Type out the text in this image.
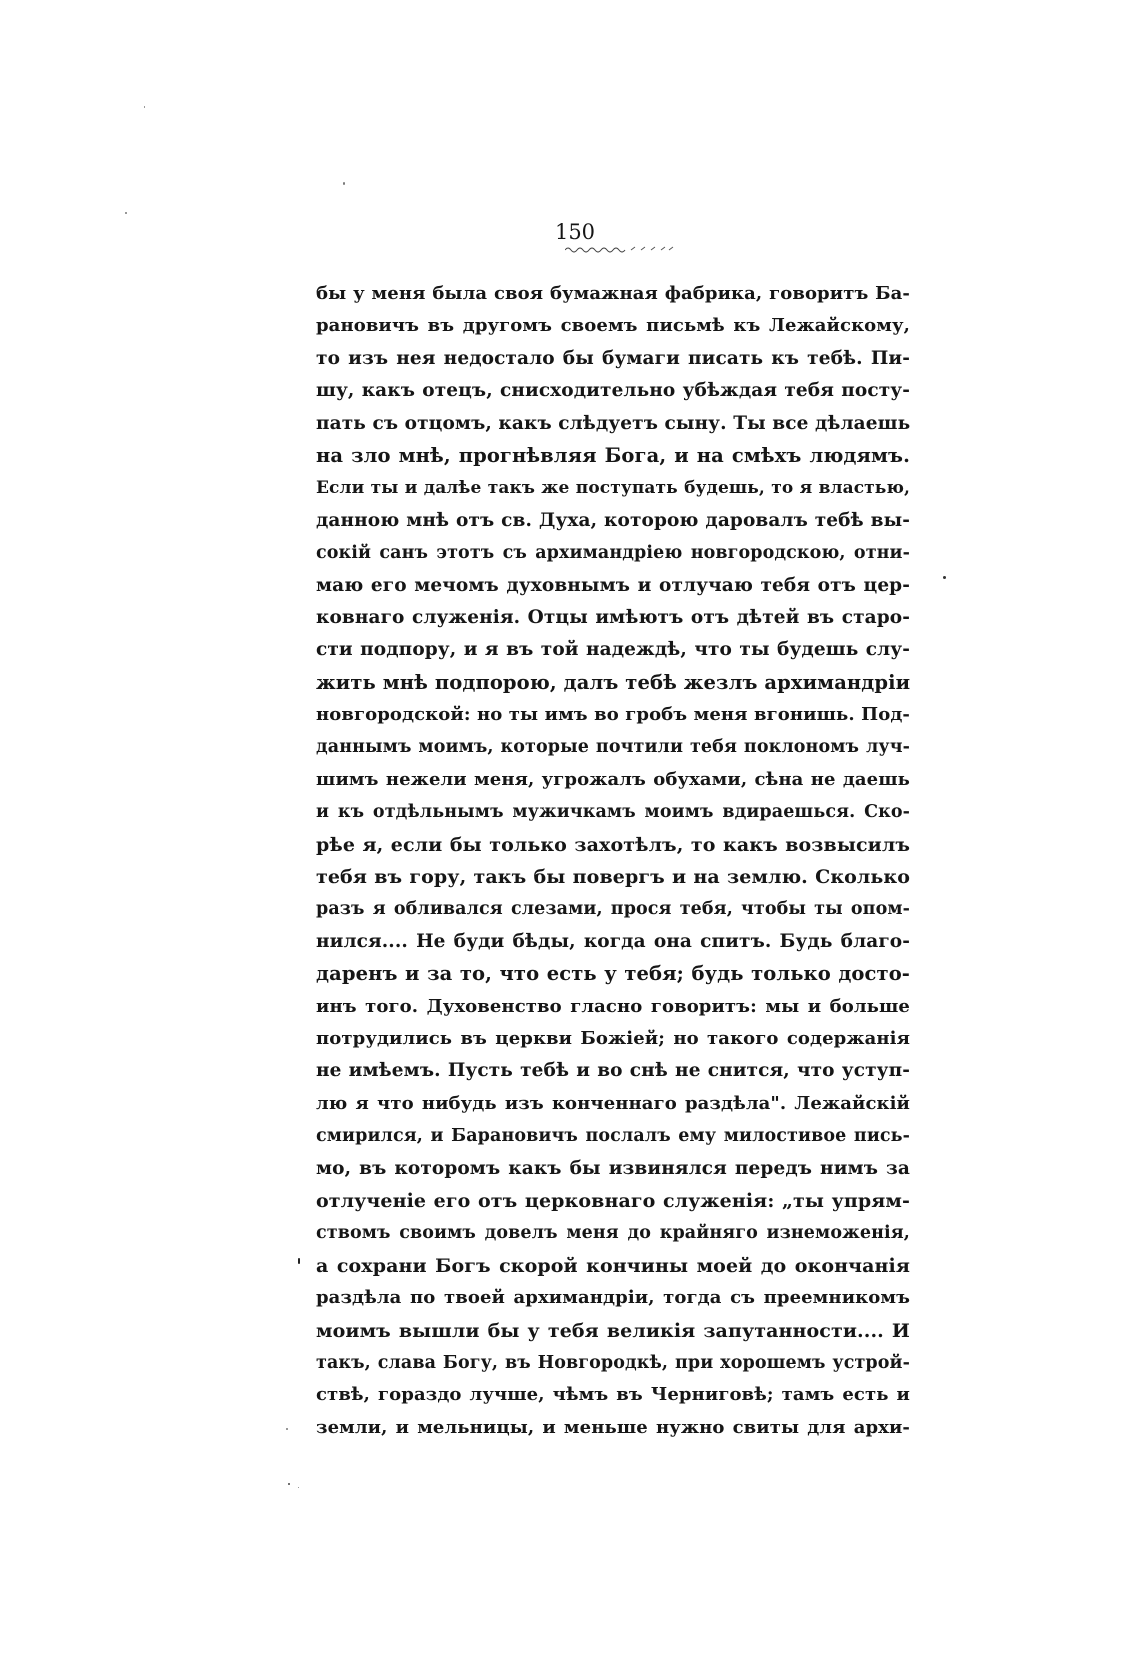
150
бы у меня была своя бумажная фабрика, говоритъ Ба-
рановичъ въ другомъ своемъ письмѣ къ Лежайскому,
то изъ нея недостало бы бумаги писать къ тебѣ. Пи-
шу, какъ отецъ, снисходительно убѣждая тебя посту-
пать съ отцомъ, какъ слѣдуетъ сыну. Ты все дѣлаешь
на зло мнѣ, прогнѣвляя Бога, и на смѣхъ людямъ.
Если ты и далѣе такъ же поступать будешь, то я властью,
данною мнѣ отъ св. Духа, которою даровалъ тебѣ вы-
сокій санъ этотъ съ архимандріею новгородскою, отни-
маю его мечомъ духовнымъ и отлучаю тебя отъ цер-
ковнаго служенія. Отцы имѣютъ отъ дѣтей въ старо-
сти подпору, и я въ той надеждѣ, что ты будешь слу-
жить мнѣ подпорою, далъ тебѣ жезлъ архимандріи
новгородской: но ты имъ во гробъ меня вгонишь. Под-
даннымъ моимъ, которые почтили тебя поклономъ луч-
шимъ нежели меня, угрожалъ обухами, сѣна не даешь
и къ отдѣльнымъ мужичкамъ моимъ вдираешься. Ско-
рѣе я, если бы только захотѣлъ, то какъ возвысилъ
тебя въ гору, такъ бы повергъ и на землю. Сколько
разъ я обливался слезами, прося тебя, чтобы ты опом-
нился.... Не буди бѣды, когда она спитъ. Будь благо-
даренъ и за то, что есть у тебя; будь только досто-
инъ того. Духовенство гласно говоритъ: мы и больше
потрудились въ церкви Божіей; но такого содержанія
не имѣемъ. Пусть тебѣ и во снѣ не снится, что уступ-
лю я что нибудь изъ конченнаго раздѣла". Лежайскій
смирился, и Барановичъ послалъ ему милостивое пись-
мо, въ которомъ какъ бы извинялся передъ нимъ за
отлученіе его отъ церковнаго служенія: „ты упрям-
ствомъ своимъ довелъ меня до крайняго изнеможенія,
а сохрани Богъ скорой кончины моей до окончанія
раздѣла по твоей архимандріи, тогда съ преемникомъ
моимъ вышли бы у тебя великія запутанности.... И
такъ, слава Богу, въ Новгородкѣ, при хорошемъ устрой-
ствѣ, гораздо лучше, чѣмъ въ Черниговѣ; тамъ есть и
земли, и мельницы, и меньше нужно свиты для архи-
